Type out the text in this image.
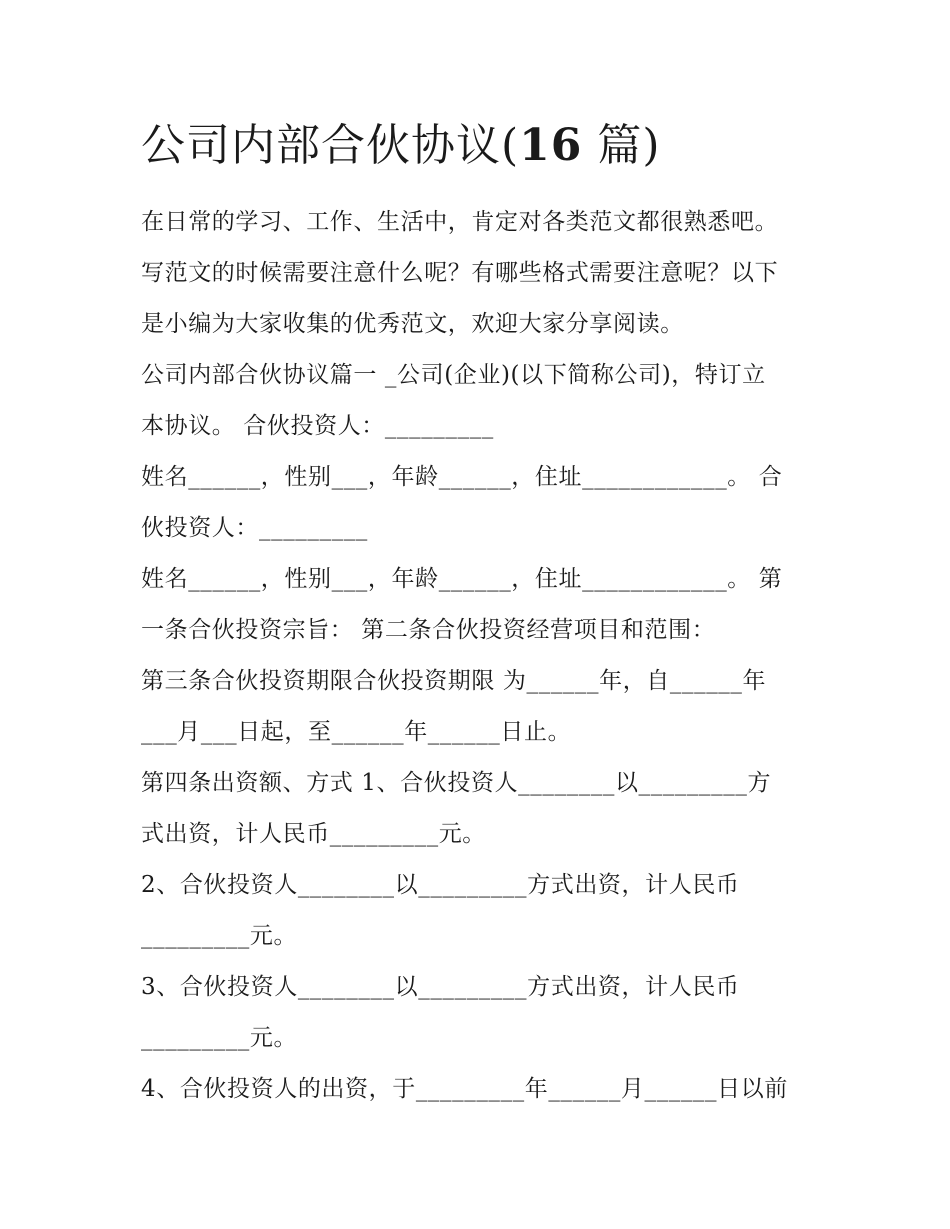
公司内部合伙协议(16 篇)
在日常的学习、工作、生活中，肯定对各类范文都很熟悉吧。
写范文的时候需要注意什么呢？有哪些格式需要注意呢？以下
是小编为大家收集的优秀范文，欢迎大家分享阅读。
公司内部合伙协议篇一 _公司(企业)(以下简称公司)，特订立
本协议。 合伙投资人：_________
姓名______，性别___，年龄______，住址____________。 合
伙投资人：_________
姓名______，性别___，年龄______，住址____________。 第
一条合伙投资宗旨： 第二条合伙投资经营项目和范围：
第三条合伙投资期限合伙投资期限 为______年，自______年
___月___日起，至______年______日止。
第四条出资额、方式 1、合伙投资人________以_________方
式出资，计人民币_________元。
2、合伙投资人________以_________方式出资，计人民币
_________元。
3、合伙投资人________以_________方式出资，计人民币
_________元。
4、合伙投资人的出资，于_________年______月______日以前
